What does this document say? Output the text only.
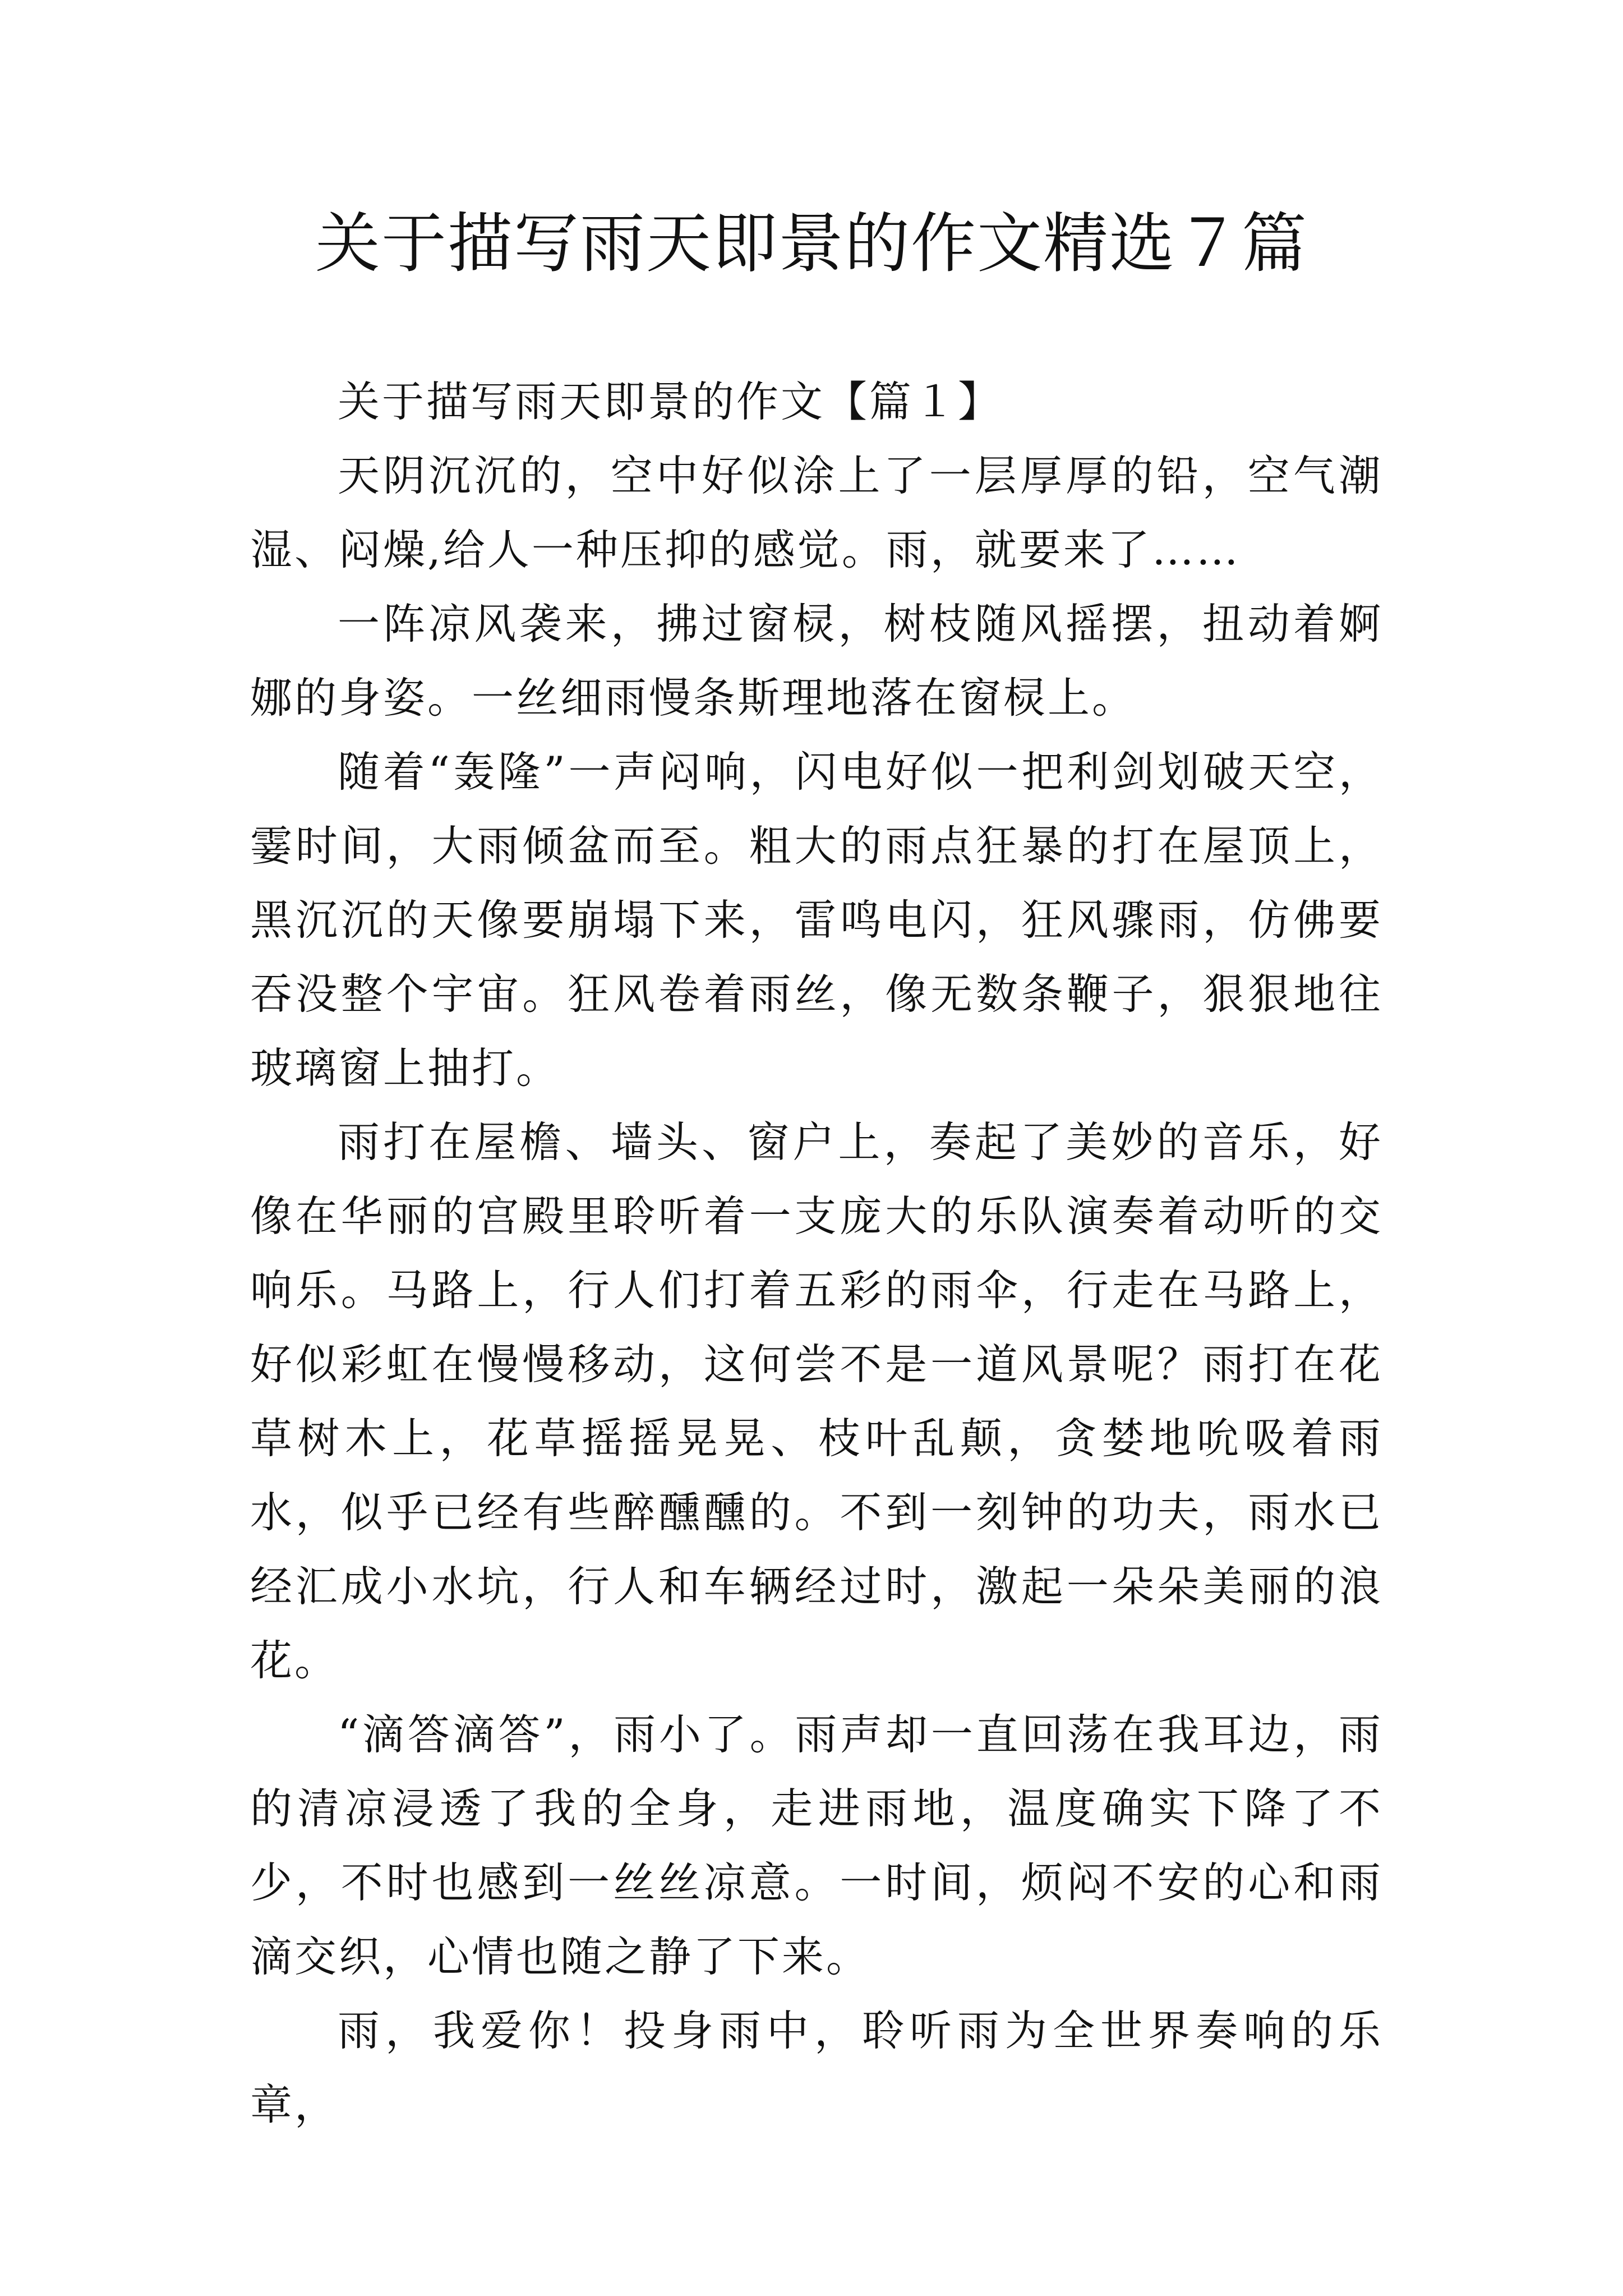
关于描写雨天即景的作文精选７篇

关于描写雨天即景的作文【篇１】

天阴沉沉的，空中好似涂上了一层厚厚的铅，空气潮湿、闷燥,给人一种压抑的感觉。雨，就要来了……

一阵凉风袭来，拂过窗棂，树枝随风摇摆，扭动着婀娜的身姿。一丝细雨慢条斯理地落在窗棂上。

随着“轰隆”一声闷响，闪电好似一把利剑划破天空，霎时间，大雨倾盆而至。粗大的雨点狂暴的打在屋顶上，黑沉沉的天像要崩塌下来，雷鸣电闪，狂风骤雨，仿佛要吞没整个宇宙。狂风卷着雨丝，像无数条鞭子，狠狠地往玻璃窗上抽打。

雨打在屋檐、墙头、窗户上，奏起了美妙的音乐，好像在华丽的宫殿里聆听着一支庞大的乐队演奏着动听的交响乐。马路上，行人们打着五彩的雨伞，行走在马路上，好似彩虹在慢慢移动，这何尝不是一道风景呢？雨打在花草树木上，花草摇摇晃晃、枝叶乱颠，贪婪地吮吸着雨水，似乎已经有些醉醺醺的。不到一刻钟的功夫，雨水已经汇成小水坑，行人和车辆经过时，激起一朵朵美丽的浪花。

“滴答滴答”，雨小了。雨声却一直回荡在我耳边，雨的清凉浸透了我的全身，走进雨地，温度确实下降了不少，不时也感到一丝丝凉意。一时间，烦闷不安的心和雨滴交织，心情也随之静了下来。

雨，我爱你！投身雨中，聆听雨为全世界奏响的乐章，
